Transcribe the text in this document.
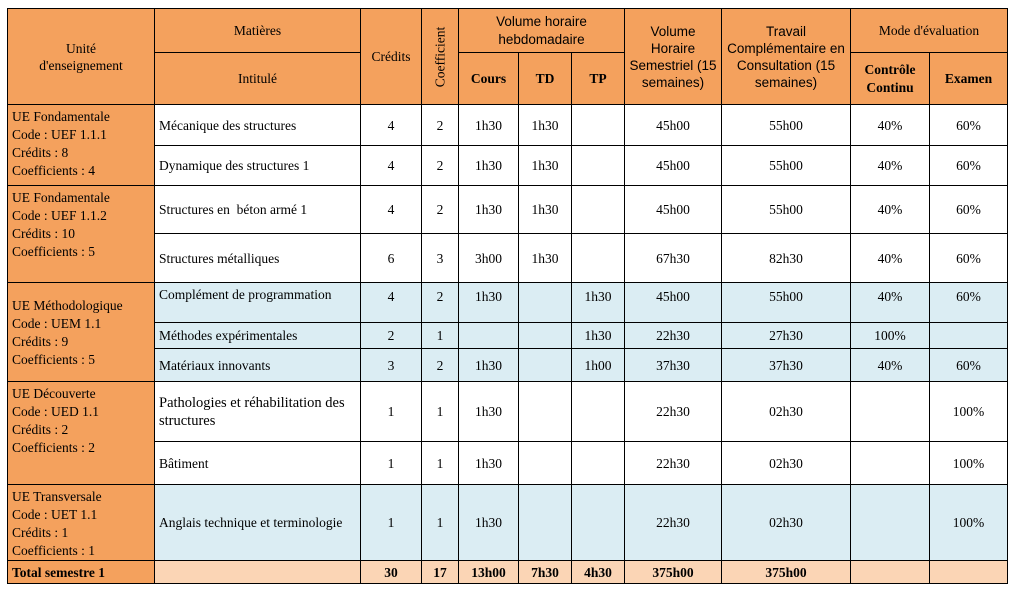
Unité
d'enseignement	Matières	Crédits	Coefficient	Volume horaire hebdomadaire			Volume Horaire Semestriel (15 semaines)	Travail Complémentaire en Consultation (15 semaines)	Mode d'évaluation	
	Intitulé			Cours	TD	TP			Contrôle Continu	Examen
UE Fondamentale
Code : UEF 1.1.1
Crédits : 8
Coefficients : 4	Mécanique des structures	4	2	1h30	1h30		45h00	55h00	40%	60%
	Dynamique des structures 1	4	2	1h30	1h30		45h00	55h00	40%	60%
UE Fondamentale
Code : UEF 1.1.2
Crédits : 10
Coefficients : 5	Structures en  béton armé 1	4	2	1h30	1h30		45h00	55h00	40%	60%
	Structures métalliques	6	3	3h00	1h30		67h30	82h30	40%	60%
UE Méthodologique
Code : UEM 1.1
Crédits : 9
Coefficients : 5	Complément de programmation	4	2	1h30		1h30	45h00	55h00	40%	60%
	Méthodes expérimentales	2	1			1h30	22h30	27h30	100%	
	Matériaux innovants	3	2	1h30		1h00	37h30	37h30	40%	60%
UE Découverte
Code : UED 1.1
Crédits : 2
Coefficients : 2	Pathologies et réhabilitation des structures	1	1	1h30			22h30	02h30		100%
	Bâtiment	1	1	1h30			22h30	02h30		100%
UE Transversale
Code : UET 1.1
Crédits : 1
Coefficients : 1	Anglais technique et terminologie	1	1	1h30			22h30	02h30		100%
Total semestre 1		30	17	13h00	7h30	4h30	375h00	375h00		
